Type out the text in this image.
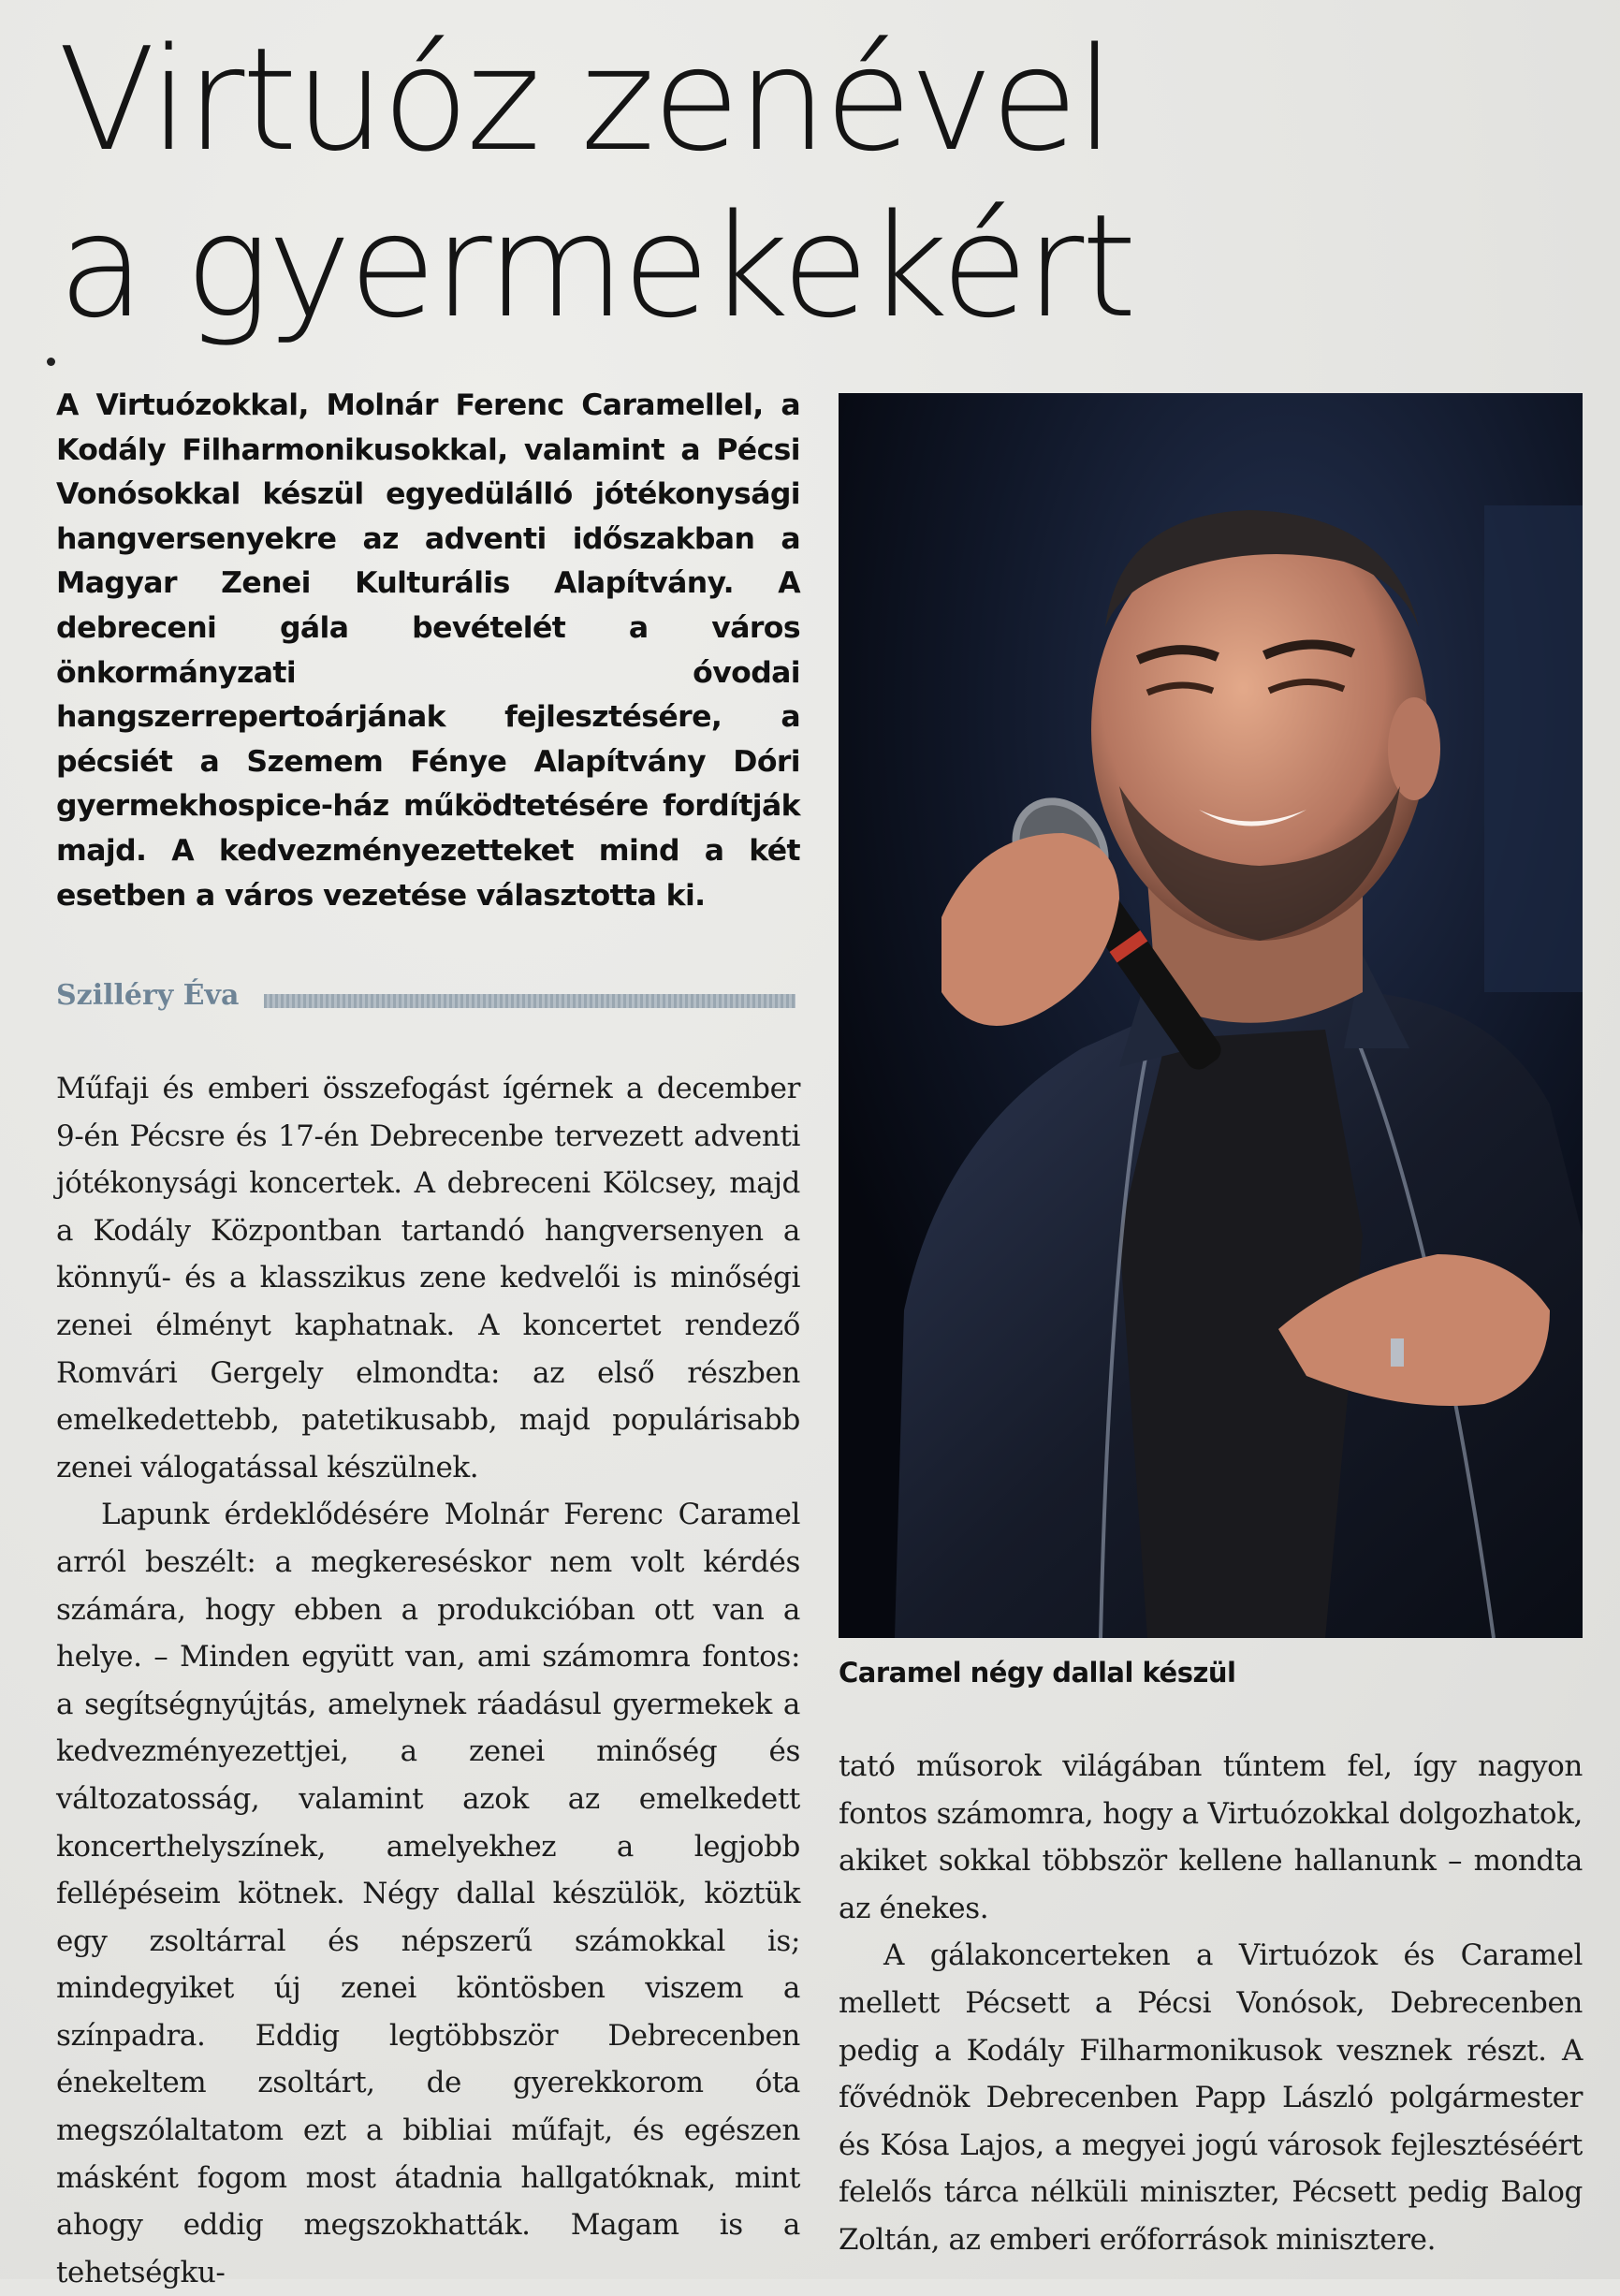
Virtuóz zenével
a gyermekekért

A Virtuózokkal, Molnár Ferenc Caramellel, a Kodály Filharmonikusokkal, valamint a Pécsi Vonósokkal készül egyedülálló jótékonysági hangversenyekre az adventi időszakban a Magyar Zenei Kulturális Alapítvány. A debreceni gála bevételét a város önkormányzati óvodai hangszerrepertoárjának fejlesztésére, a pécsiét a Szemem Fénye Alapítvány Dóri gyermekhospice-ház működtetésére fordítják majd. A kedvezményezetteket mind a két esetben a város vezetése választotta ki.

Szilléry Éva

Műfaji és emberi összefogást ígérnek a december 9-én Pécsre és 17-én Debrecenbe tervezett adventi jótékonysági koncertek. A debreceni Kölcsey, majd a Kodály Központban tartandó hangversenyen a könnyű- és a klasszikus zene kedvelői is minőségi zenei élményt kaphatnak. A koncertet rendező Romvári Gergely elmondta: az első részben emelkedettebb, patetikusabb, majd populárisabb zenei válogatással készülnek.

Lapunk érdeklődésére Molnár Ferenc Caramel arról beszélt: a megkereséskor nem volt kérdés számára, hogy ebben a produkcióban ott van a helye. – Minden együtt van, ami számomra fontos: a segítségnyújtás, amelynek ráadásul gyermekek a kedvezményezettjei, a zenei minőség és változatosság, valamint azok az emelkedett koncerthelyszínek, amelyekhez a legjobb fellépéseim kötnek. Négy dallal készülök, köztük egy zsoltárral és népszerű számokkal is; mindegyiket új zenei köntösben viszem a színpadra. Eddig legtöbbször Debrecenben énekeltem zsoltárt, de gyerekkorom óta megszólaltatom ezt a bibliai műfajt, és egészen másként fogom most átadnia hallgatóknak, mint ahogy eddig megszokhatták. Magam is a tehetségku-

Caramel négy dallal készül

tató műsorok világában tűntem fel, így nagyon fontos számomra, hogy a Virtuózokkal dolgozhatok, akiket sokkal többször kellene hallanunk – mondta az énekes.

A gálakoncerteken a Virtuózok és Caramel mellett Pécsett a Pécsi Vonósok, Debrecenben pedig a Kodály Filharmonikusok vesznek részt. A fővédnök Debrecenben Papp László polgármester és Kósa Lajos, a megyei jogú városok fejlesztéséért felelős tárca nélküli miniszter, Pécsett pedig Balog Zoltán, az emberi erőforrások minisztere.
